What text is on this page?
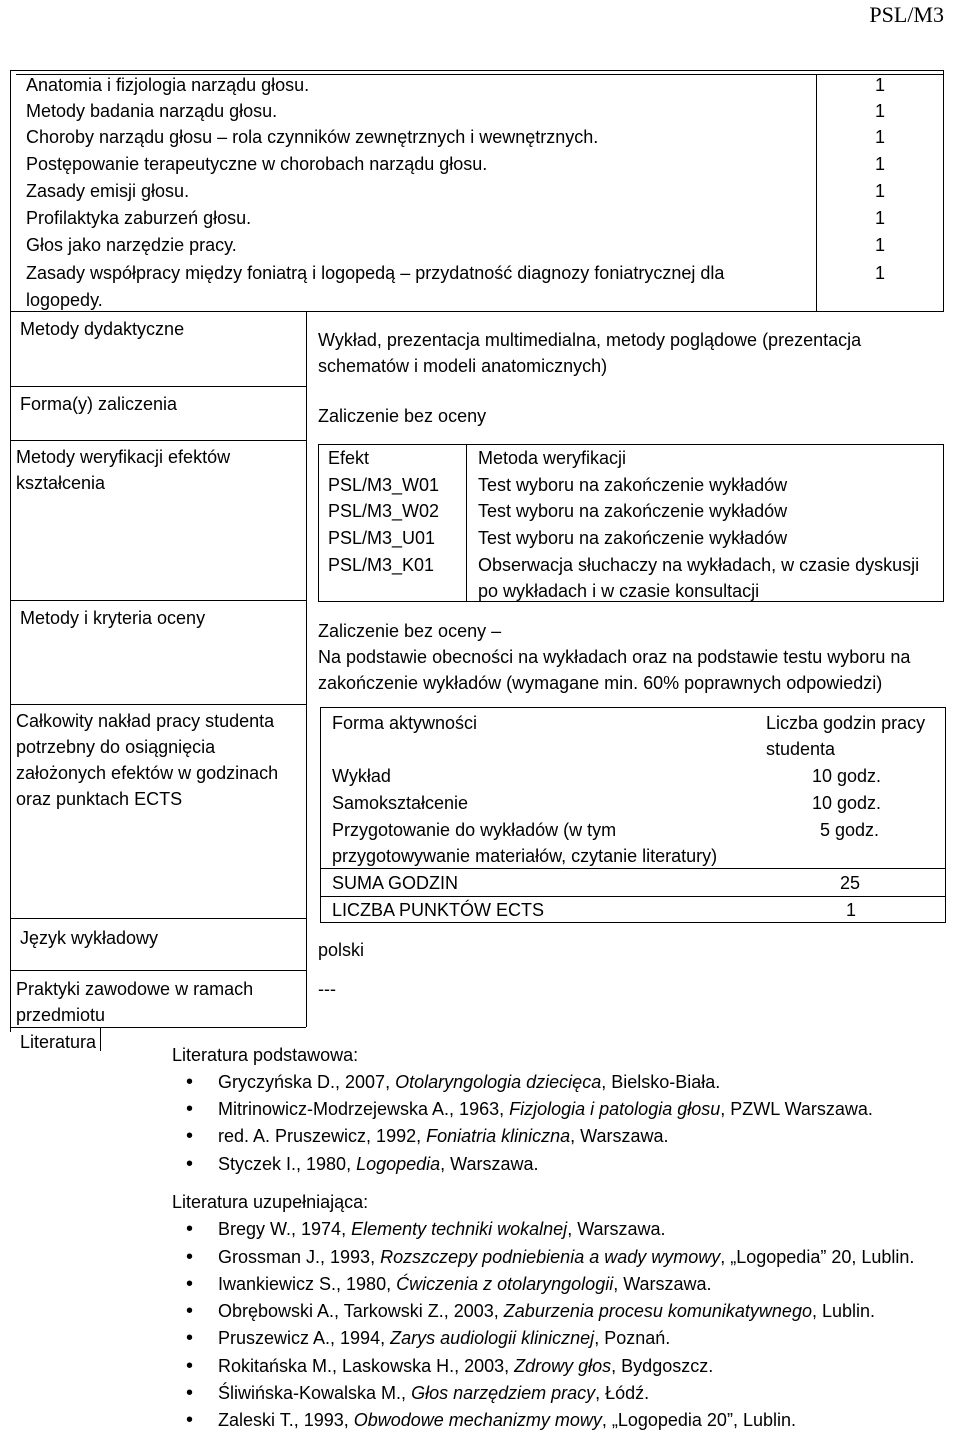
PSL/M3
Anatomia i fizjologia narządu głosu.	1
Metody badania narządu głosu.	1
Choroby narządu głosu – rola czynników zewnętrznych i wewnętrznych.	1
Postępowanie terapeutyczne w chorobach narządu głosu.	1
Zasady emisji głosu.	1
Profilaktyka zaburzeń głosu.	1
Głos jako narzędzie pracy.	1
Zasady współpracy między foniatrą i logopedą – przydatność diagnozy foniatrycznej dla	1
logopedy.
Metody dydaktyczne
Wykład, prezentacja multimedialna, metody poglądowe (prezentacja
schematów i modeli anatomicznych)
Forma(y) zaliczenia
Zaliczenie bez oceny
Metody weryfikacji efektów
kształcenia
Efekt	Metoda weryfikacji
PSL/M3_W01 Test wyboru na zakończenie wykładów
PSL/M3_W02 Test wyboru na zakończenie wykładów
PSL/M3_U01 Test wyboru na zakończenie wykładów
PSL/M3_K01 Obserwacja słuchaczy na wykładach, w czasie dyskusji
po wykładach i w czasie konsultacji
Metody i kryteria oceny
Zaliczenie bez oceny –
Na podstawie obecności na wykładach oraz na podstawie testu wyboru na
zakończenie wykładów (wymagane min. 60% poprawnych odpowiedzi)
Całkowity nakład pracy studenta
potrzebny do osiągnięcia
założonych efektów w godzinach
oraz punktach ECTS
Forma aktywności	Liczba godzin pracy
studenta
Wykład	10 godz.
Samokształcenie	10 godz.
Przygotowanie do wykładów (w tym	5 godz.
przygotowywanie materiałów, czytanie literatury)
SUMA GODZIN	25
LICZBA PUNKTÓW ECTS	1
Język wykładowy
polski
Praktyki zawodowe w ramach
przedmiotu
---
Literatura
Literatura podstawowa:
• Gryczyńska D., 2007, Otolaryngologia dziecięca, Bielsko-Biała.
• Mitrinowicz-Modrzejewska A., 1963, Fizjologia i patologia głosu, PZWL Warszawa.
• red. A. Pruszewicz, 1992, Foniatria kliniczna, Warszawa.
• Styczek I., 1980, Logopedia, Warszawa.
Literatura uzupełniająca:
• Bregy W., 1974, Elementy techniki wokalnej, Warszawa.
• Grossman J., 1993, Rozszczepy podniebienia a wady wymowy, „Logopedia” 20, Lublin.
• Iwankiewicz S., 1980, Ćwiczenia z otolaryngologii, Warszawa.
• Obrębowski A., Tarkowski Z., 2003, Zaburzenia procesu komunikatywnego, Lublin.
• Pruszewicz A., 1994, Zarys audiologii klinicznej, Poznań.
• Rokitańska M., Laskowska H., 2003, Zdrowy głos, Bydgoszcz.
• Śliwińska-Kowalska M., Głos narzędziem pracy, Łódź.
• Zaleski T., 1993, Obwodowe mechanizmy mowy, „Logopedia 20”, Lublin.
